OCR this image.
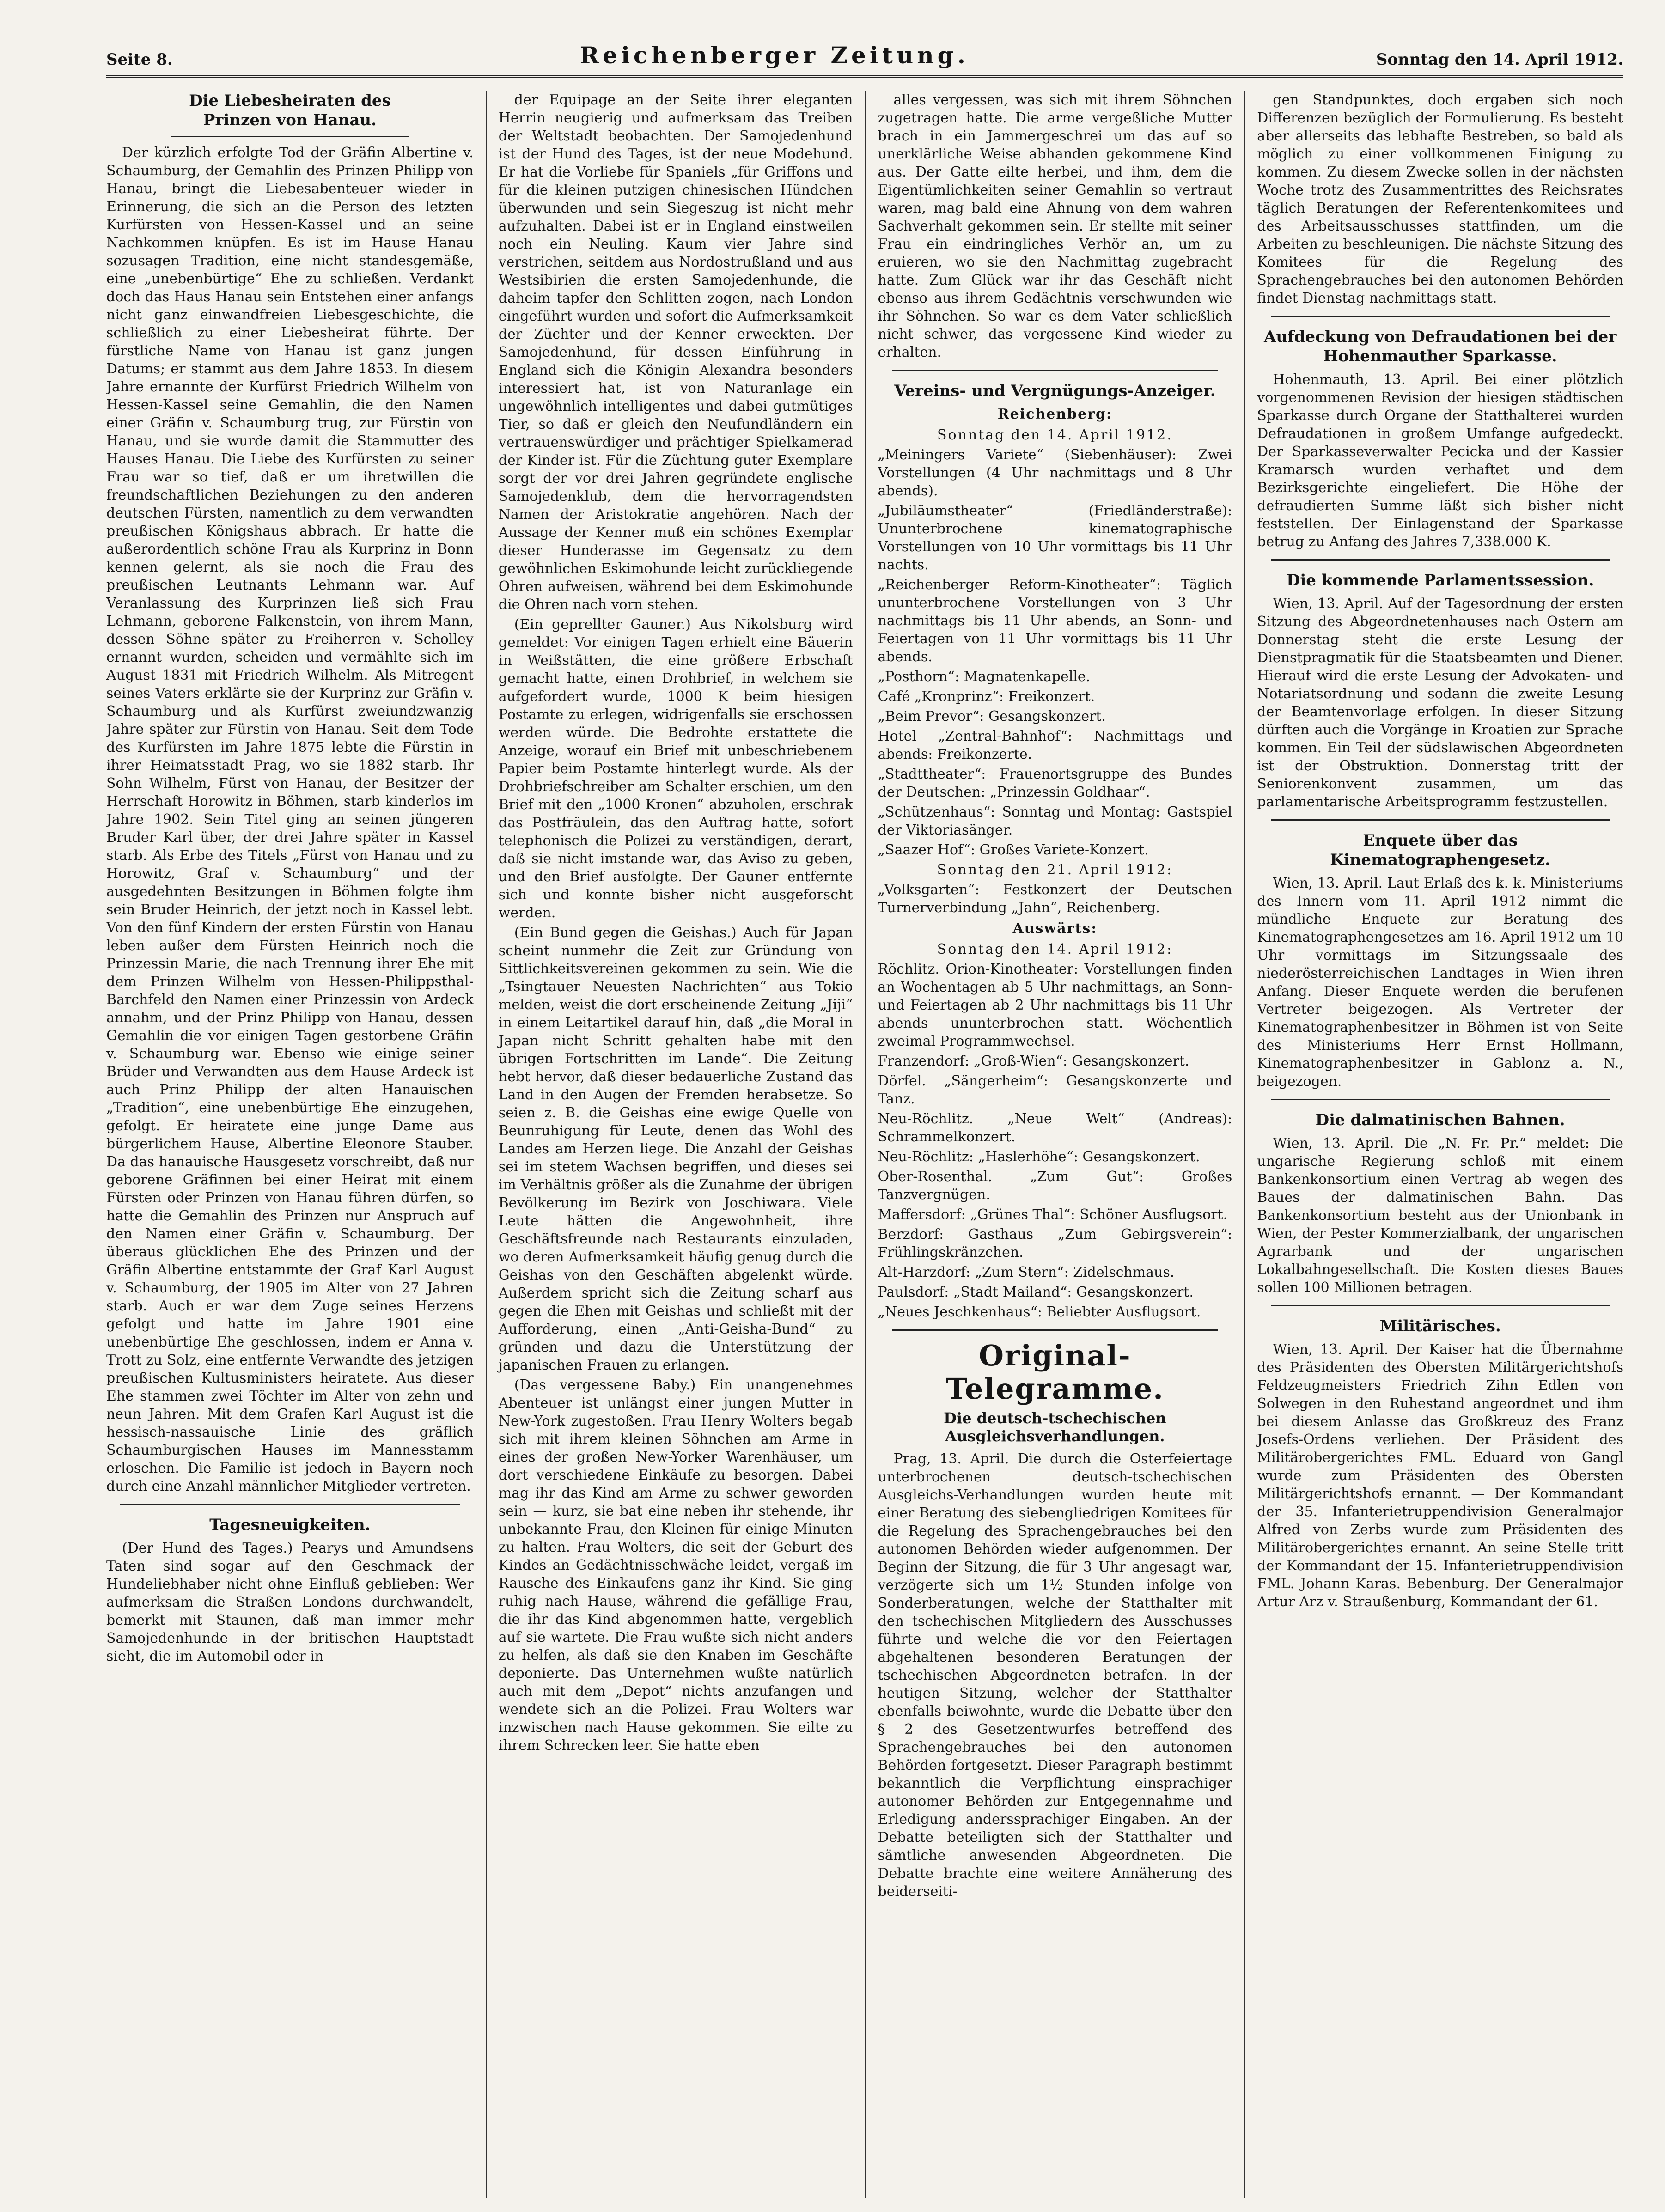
Seite 8.	Reichenberger Zeitung.	Sonntag den 14. April 1912.
Die Liebesheiraten des
Prinzen von Hanau.

Der kürzlich erfolgte Tod der Gräfin Albertine v. Schaumburg, der Gemahlin des Prinzen Philipp von Hanau, bringt die Liebesabenteuer wieder in Erinnerung, die sich an die Person des letzten Kurfürsten von Hessen-Kassel und an seine Nachkommen knüpfen. Es ist im Hause Hanau sozusagen Tradition, eine nicht standesgemäße, eine „unebenbürtige“ Ehe zu schließen. Verdankt doch das Haus Hanau sein Entstehen einer anfangs nicht ganz einwandfreien Liebesgeschichte, die schließlich zu einer Liebesheirat führte. Der fürstliche Name von Hanau ist ganz jungen Datums; er stammt aus dem Jahre 1853. In diesem Jahre ernannte der Kurfürst Friedrich Wilhelm von Hessen-Kassel seine Gemahlin, die den Namen einer Gräfin v. Schaumburg trug, zur Fürstin von Hanau, und sie wurde damit die Stammutter des Hauses Hanau. Die Liebe des Kurfürsten zu seiner Frau war so tief, daß er um ihretwillen die freundschaftlichen Beziehungen zu den anderen deutschen Fürsten, namentlich zu dem verwandten preußischen Königshaus abbrach. Er hatte die außerordentlich schöne Frau als Kurprinz in Bonn kennen gelernt, als sie noch die Frau des preußischen Leutnants Lehmann war. Auf Veranlassung des Kurprinzen ließ sich Frau Lehmann, geborene Falkenstein, von ihrem Mann, dessen Söhne später zu Freiherren v. Scholley ernannt wurden, scheiden und vermählte sich im August 1831 mit Friedrich Wilhelm. Als Mitregent seines Vaters erklärte sie der Kurprinz zur Gräfin v. Schaumburg und als Kurfürst zweiundzwanzig Jahre später zur Fürstin von Hanau. Seit dem Tode des Kurfürsten im Jahre 1875 lebte die Fürstin in ihrer Heimatsstadt Prag, wo sie 1882 starb. Ihr Sohn Wilhelm, Fürst von Hanau, der Besitzer der Herrschaft Horowitz in Böhmen, starb kinderlos im Jahre 1902. Sein Titel ging an seinen jüngeren Bruder Karl über, der drei Jahre später in Kassel starb. Als Erbe des Titels „Fürst von Hanau und zu Horowitz, Graf v. Schaumburg“ und der ausgedehnten Besitzungen in Böhmen folgte ihm sein Bruder Heinrich, der jetzt noch in Kassel lebt. Von den fünf Kindern der ersten Fürstin von Hanau leben außer dem Fürsten Heinrich noch die Prinzessin Marie, die nach Trennung ihrer Ehe mit dem Prinzen Wilhelm von Hessen-Philippsthal-Barchfeld den Namen einer Prinzessin von Ardeck annahm, und der Prinz Philipp von Hanau, dessen Gemahlin die vor einigen Tagen gestorbene Gräfin v. Schaumburg war. Ebenso wie einige seiner Brüder und Verwandten aus dem Hause Ardeck ist auch Prinz Philipp der alten Hanauischen „Tradition“, eine unebenbürtige Ehe einzugehen, gefolgt. Er heiratete eine junge Dame aus bürgerlichem Hause, Albertine Eleonore Stauber. Da das hanauische Hausgesetz vorschreibt, daß nur geborene Gräfinnen bei einer Heirat mit einem Fürsten oder Prinzen von Hanau führen dürfen, so hatte die Gemahlin des Prinzen nur Anspruch auf den Namen einer Gräfin v. Schaumburg. Der überaus glücklichen Ehe des Prinzen und der Gräfin Albertine entstammte der Graf Karl August v. Schaumburg, der 1905 im Alter von 27 Jahren starb. Auch er war dem Zuge seines Herzens gefolgt und hatte im Jahre 1901 eine unebenbürtige Ehe geschlossen, indem er Anna v. Trott zu Solz, eine entfernte Verwandte des jetzigen preußischen Kultusministers heiratete. Aus dieser Ehe stammen zwei Töchter im Alter von zehn und neun Jahren. Mit dem Grafen Karl August ist die hessisch-nassauische Linie des gräflich Schaumburgischen Hauses im Mannesstamm erloschen. Die Familie ist jedoch in Bayern noch durch eine Anzahl männlicher Mitglieder vertreten.

Tagesneuigkeiten.

(Der Hund des Tages.) Pearys und Amundsens Taten sind sogar auf den Geschmack der Hundeliebhaber nicht ohne Einfluß geblieben: Wer aufmerksam die Straßen Londons durchwandelt, bemerkt mit Staunen, daß man immer mehr Samojedenhunde in der britischen Hauptstadt sieht, die im Automobil oder in

der Equipage an der Seite ihrer eleganten Herrin neugierig und aufmerksam das Treiben der Weltstadt beobachten. Der Samojedenhund ist der Hund des Tages, ist der neue Modehund. Er hat die Vorliebe für Spaniels „für Griffons und für die kleinen putzigen chinesischen Hündchen überwunden und sein Siegeszug ist nicht mehr aufzuhalten. Dabei ist er in England einstweilen noch ein Neuling. Kaum vier Jahre sind verstrichen, seitdem aus Nordostrußland und aus Westsibirien die ersten Samojedenhunde, die daheim tapfer den Schlitten zogen, nach London eingeführt wurden und sofort die Aufmerksamkeit der Züchter und der Kenner erweckten. Der Samojedenhund, für dessen Einführung in England sich die Königin Alexandra besonders interessiert hat, ist von Naturanlage ein ungewöhnlich intelligentes und dabei gutmütiges Tier, so daß er gleich den Neufundländern ein vertrauenswürdiger und prächtiger Spielkamerad der Kinder ist. Für die Züchtung guter Exemplare sorgt der vor drei Jahren gegründete englische Samojedenklub, dem die hervorragendsten Namen der Aristokratie angehören. Nach der Aussage der Kenner muß ein schönes Exemplar dieser Hunderasse im Gegensatz zu dem gewöhnlichen Eskimohunde leicht zurückliegende Ohren aufweisen, während bei dem Eskimohunde die Ohren nach vorn stehen.

(Ein geprellter Gauner.) Aus Nikolsburg wird gemeldet: Vor einigen Tagen erhielt eine Bäuerin in Weißstätten, die eine größere Erbschaft gemacht hatte, einen Drohbrief, in welchem sie aufgefordert wurde, 1000 K beim hiesigen Postamte zu erlegen, widrigenfalls sie erschossen werden würde. Die Bedrohte erstattete die Anzeige, worauf ein Brief mit unbeschriebenem Papier beim Postamte hinterlegt wurde. Als der Drohbriefschreiber am Schalter erschien, um den Brief mit den „1000 Kronen“ abzuholen, erschrak das Postfräulein, das den Auftrag hatte, sofort telephonisch die Polizei zu verständigen, derart, daß sie nicht imstande war, das Aviso zu geben, und den Brief ausfolgte. Der Gauner entfernte sich und konnte bisher nicht ausgeforscht werden.

(Ein Bund gegen die Geishas.) Auch für Japan scheint nunmehr die Zeit zur Gründung von Sittlichkeitsvereinen gekommen zu sein. Wie die „Tsingtauer Neuesten Nachrichten“ aus Tokio melden, weist die dort erscheinende Zeitung „Jiji“ in einem Leitartikel darauf hin, daß „die Moral in Japan nicht Schritt gehalten habe mit den übrigen Fortschritten im Lande“. Die Zeitung hebt hervor, daß dieser bedauerliche Zustand das Land in den Augen der Fremden herabsetze. So seien z. B. die Geishas eine ewige Quelle von Beunruhigung für Leute, denen das Wohl des Landes am Herzen liege. Die Anzahl der Geishas sei im stetem Wachsen begriffen, und dieses sei im Verhältnis größer als die Zunahme der übrigen Bevölkerung im Bezirk von Joschiwara. Viele Leute hätten die Angewohnheit, ihre Geschäftsfreunde nach Restaurants einzuladen, wo deren Aufmerksamkeit häufig genug durch die Geishas von den Geschäften abgelenkt würde. Außerdem spricht sich die Zeitung scharf aus gegen die Ehen mit Geishas und schließt mit der Aufforderung, einen „Anti-Geisha-Bund“ zu gründen und dazu die Unterstützung der japanischen Frauen zu erlangen.

(Das vergessene Baby.) Ein unangenehmes Abenteuer ist unlängst einer jungen Mutter in New-York zugestoßen. Frau Henry Wolters begab sich mit ihrem kleinen Söhnchen am Arme in eines der großen New-Yorker Warenhäuser, um dort verschiedene Einkäufe zu besorgen. Dabei mag ihr das Kind am Arme zu schwer geworden sein — kurz, sie bat eine neben ihr stehende, ihr unbekannte Frau, den Kleinen für einige Minuten zu halten. Frau Wolters, die seit der Geburt des Kindes an Gedächtnisschwäche leidet, vergaß im Rausche des Einkaufens ganz ihr Kind. Sie ging ruhig nach Hause, während die gefällige Frau, die ihr das Kind abgenommen hatte, vergeblich auf sie wartete. Die Frau wußte sich nicht anders zu helfen, als daß sie den Knaben im Geschäfte deponierte. Das Unternehmen wußte natürlich auch mit dem „Depot“ nichts anzufangen und wendete sich an die Polizei. Frau Wolters war inzwischen nach Hause gekommen. Sie eilte zu ihrem Schrecken leer. Sie hatte eben

alles vergessen, was sich mit ihrem Söhnchen zugetragen hatte. Die arme vergeßliche Mutter brach in ein Jammergeschrei um das auf so unerklärliche Weise abhanden gekommene Kind aus. Der Gatte eilte herbei, und ihm, dem die Eigentümlichkeiten seiner Gemahlin so vertraut waren, mag bald eine Ahnung von dem wahren Sachverhalt gekommen sein. Er stellte mit seiner Frau ein eindringliches Verhör an, um zu eruieren, wo sie den Nachmittag zugebracht hatte. Zum Glück war ihr das Geschäft nicht ebenso aus ihrem Gedächtnis verschwunden wie ihr Söhnchen. So war es dem Vater schließlich nicht schwer, das vergessene Kind wieder zu erhalten.

Vereins- und Vergnügungs-Anzeiger.
Reichenberg:
Sonntag den 14. April 1912.

„Meiningers Variete“ (Siebenhäuser): Zwei Vorstellungen (4 Uhr nachmittags und 8 Uhr abends).

„Jubiläumstheater“ (Friedländerstraße): Ununterbrochene kinematographische Vorstellungen von 10 Uhr vormittags bis 11 Uhr nachts.

„Reichenberger Reform-Kinotheater“: Täglich ununterbrochene Vorstellungen von 3 Uhr nachmittags bis 11 Uhr abends, an Sonn- und Feiertagen von 11 Uhr vormittags bis 11 Uhr abends.

„Posthorn“: Magnatenkapelle.

Café „Kronprinz“: Freikonzert.

„Beim Prevor“: Gesangskonzert.

Hotel „Zentral-Bahnhof“: Nachmittags und abends: Freikonzerte.

„Stadttheater“: Frauenortsgruppe des Bundes der Deutschen: „Prinzessin Goldhaar“.

„Schützenhaus“: Sonntag und Montag: Gastspiel der Viktoriasänger.

„Saazer Hof“: Großes Variete-Konzert.

Sonntag den 21. April 1912:

„Volksgarten“: Festkonzert der Deutschen Turnerverbindung „Jahn“, Reichenberg.

Auswärts:
Sonntag den 14. April 1912:

Röchlitz. Orion-Kinotheater: Vorstellungen finden an Wochentagen ab 5 Uhr nachmittags, an Sonn- und Feiertagen ab 2 Uhr nachmittags bis 11 Uhr abends ununterbrochen statt. Wöchentlich zweimal Programmwechsel.

Franzendorf: „Groß-Wien“: Gesangskonzert.

Dörfel. „Sängerheim“: Gesangskonzerte und Tanz.

Neu-Röchlitz. „Neue Welt“ (Andreas): Schrammelkonzert.

Neu-Röchlitz: „Haslerhöhe“: Gesangskonzert.

Ober-Rosenthal. „Zum Gut“: Großes Tanzvergnügen.

Maffersdorf: „Grünes Thal“: Schöner Ausflugsort.

Berzdorf: Gasthaus „Zum Gebirgsverein“: Frühlingskränzchen.

Alt-Harzdorf: „Zum Stern“: Zidelschmaus.

Paulsdorf: „Stadt Mailand“: Gesangskonzert.

„Neues Jeschkenhaus“: Beliebter Ausflugsort.

Original-Telegramme.
Die deutsch-tschechischen
Ausgleichsverhandlungen.

Prag, 13. April. Die durch die Osterfeiertage unterbrochenen deutsch-tschechischen Ausgleichs-Verhandlungen wurden heute mit einer Beratung des siebengliedrigen Komitees für die Regelung des Sprachengebrauches bei den autonomen Behörden wieder aufgenommen. Der Beginn der Sitzung, die für 3 Uhr angesagt war, verzögerte sich um 1½ Stunden infolge von Sonderberatungen, welche der Statthalter mit den tschechischen Mitgliedern des Ausschusses führte und welche die vor den Feiertagen abgehaltenen besonderen Beratungen der tschechischen Abgeordneten betrafen. In der heutigen Sitzung, welcher der Statthalter ebenfalls beiwohnte, wurde die Debatte über den § 2 des Gesetzentwurfes betreffend des Sprachengebrauches bei den autonomen Behörden fortgesetzt. Dieser Paragraph bestimmt bekanntlich die Verpflichtung einsprachiger autonomer Behörden zur Entgegennahme und Erledigung anderssprachiger Eingaben. An der Debatte beteiligten sich der Statthalter und sämtliche anwesenden Abgeordneten. Die Debatte brachte eine weitere Annäherung des beiderseiti-

gen Standpunktes, doch ergaben sich noch Differenzen bezüglich der Formulierung. Es besteht aber allerseits das lebhafte Bestreben, so bald als möglich zu einer vollkommenen Einigung zu kommen. Zu diesem Zwecke sollen in der nächsten Woche trotz des Zusammentrittes des Reichsrates täglich Beratungen der Referentenkomitees und des Arbeitsausschusses stattfinden, um die Arbeiten zu beschleunigen. Die nächste Sitzung des Komitees für die Regelung des Sprachengebrauches bei den autonomen Behörden findet Dienstag nachmittags statt.

Aufdeckung von Defraudationen bei der Hohenmauther Sparkasse.

Hohenmauth, 13. April. Bei einer plötzlich vorgenommenen Revision der hiesigen städtischen Sparkasse durch Organe der Statthalterei wurden Defraudationen in großem Umfange aufgedeckt. Der Sparkasseverwalter Pecicka und der Kassier Kramarsch wurden verhaftet und dem Bezirksgerichte eingeliefert. Die Höhe der defraudierten Summe läßt sich bisher nicht feststellen. Der Einlagenstand der Sparkasse betrug zu Anfang des Jahres 7,338.000 K.

Die kommende Parlamentssession.

Wien, 13. April. Auf der Tagesordnung der ersten Sitzung des Abgeordnetenhauses nach Ostern am Donnerstag steht die erste Lesung der Dienstpragmatik für die Staatsbeamten und Diener. Hierauf wird die erste Lesung der Advokaten- und Notariatsordnung und sodann die zweite Lesung der Beamtenvorlage erfolgen. In dieser Sitzung dürften auch die Vorgänge in Kroatien zur Sprache kommen. Ein Teil der südslawischen Abgeordneten ist der Obstruktion. Donnerstag tritt der Seniorenkonvent zusammen, um das parlamentarische Arbeitsprogramm festzustellen.

Enquete über das Kinematographengesetz.

Wien, 13. April. Laut Erlaß des k. k. Ministeriums des Innern vom 11. April 1912 nimmt die mündliche Enquete zur Beratung des Kinematographengesetzes am 16. April 1912 um 10 Uhr vormittags im Sitzungssaale des niederösterreichischen Landtages in Wien ihren Anfang. Dieser Enquete werden die berufenen Vertreter beigezogen. Als Vertreter der Kinematographenbesitzer in Böhmen ist von Seite des Ministeriums Herr Ernst Hollmann, Kinematographenbesitzer in Gablonz a. N., beigezogen.

Die dalmatinischen Bahnen.

Wien, 13. April. Die „N. Fr. Pr.“ meldet: Die ungarische Regierung schloß mit einem Bankenkonsortium einen Vertrag ab wegen des Baues der dalmatinischen Bahn. Das Bankenkonsortium besteht aus der Unionbank in Wien, der Pester Kommerzialbank, der ungarischen Agrarbank und der ungarischen Lokalbahngesellschaft. Die Kosten dieses Baues sollen 100 Millionen betragen.

Militärisches.

Wien, 13. April. Der Kaiser hat die Übernahme des Präsidenten des Obersten Militärgerichtshofs Feldzeugmeisters Friedrich Zihn Edlen von Solwegen in den Ruhestand angeordnet und ihm bei diesem Anlasse das Großkreuz des Franz Josefs-Ordens verliehen. Der Präsident des Militärobergerichtes FML. Eduard von Gangl wurde zum Präsidenten des Obersten Militärgerichtshofs ernannt. — Der Kommandant der 35. Infanterietruppendivision Generalmajor Alfred von Zerbs wurde zum Präsidenten des Militärobergerichtes ernannt. An seine Stelle tritt der Kommandant der 15. Infanterietruppendivision FML. Johann Karas. Bebenburg. Der Generalmajor Artur Arz v. Straußenburg, Kommandant der 61.
